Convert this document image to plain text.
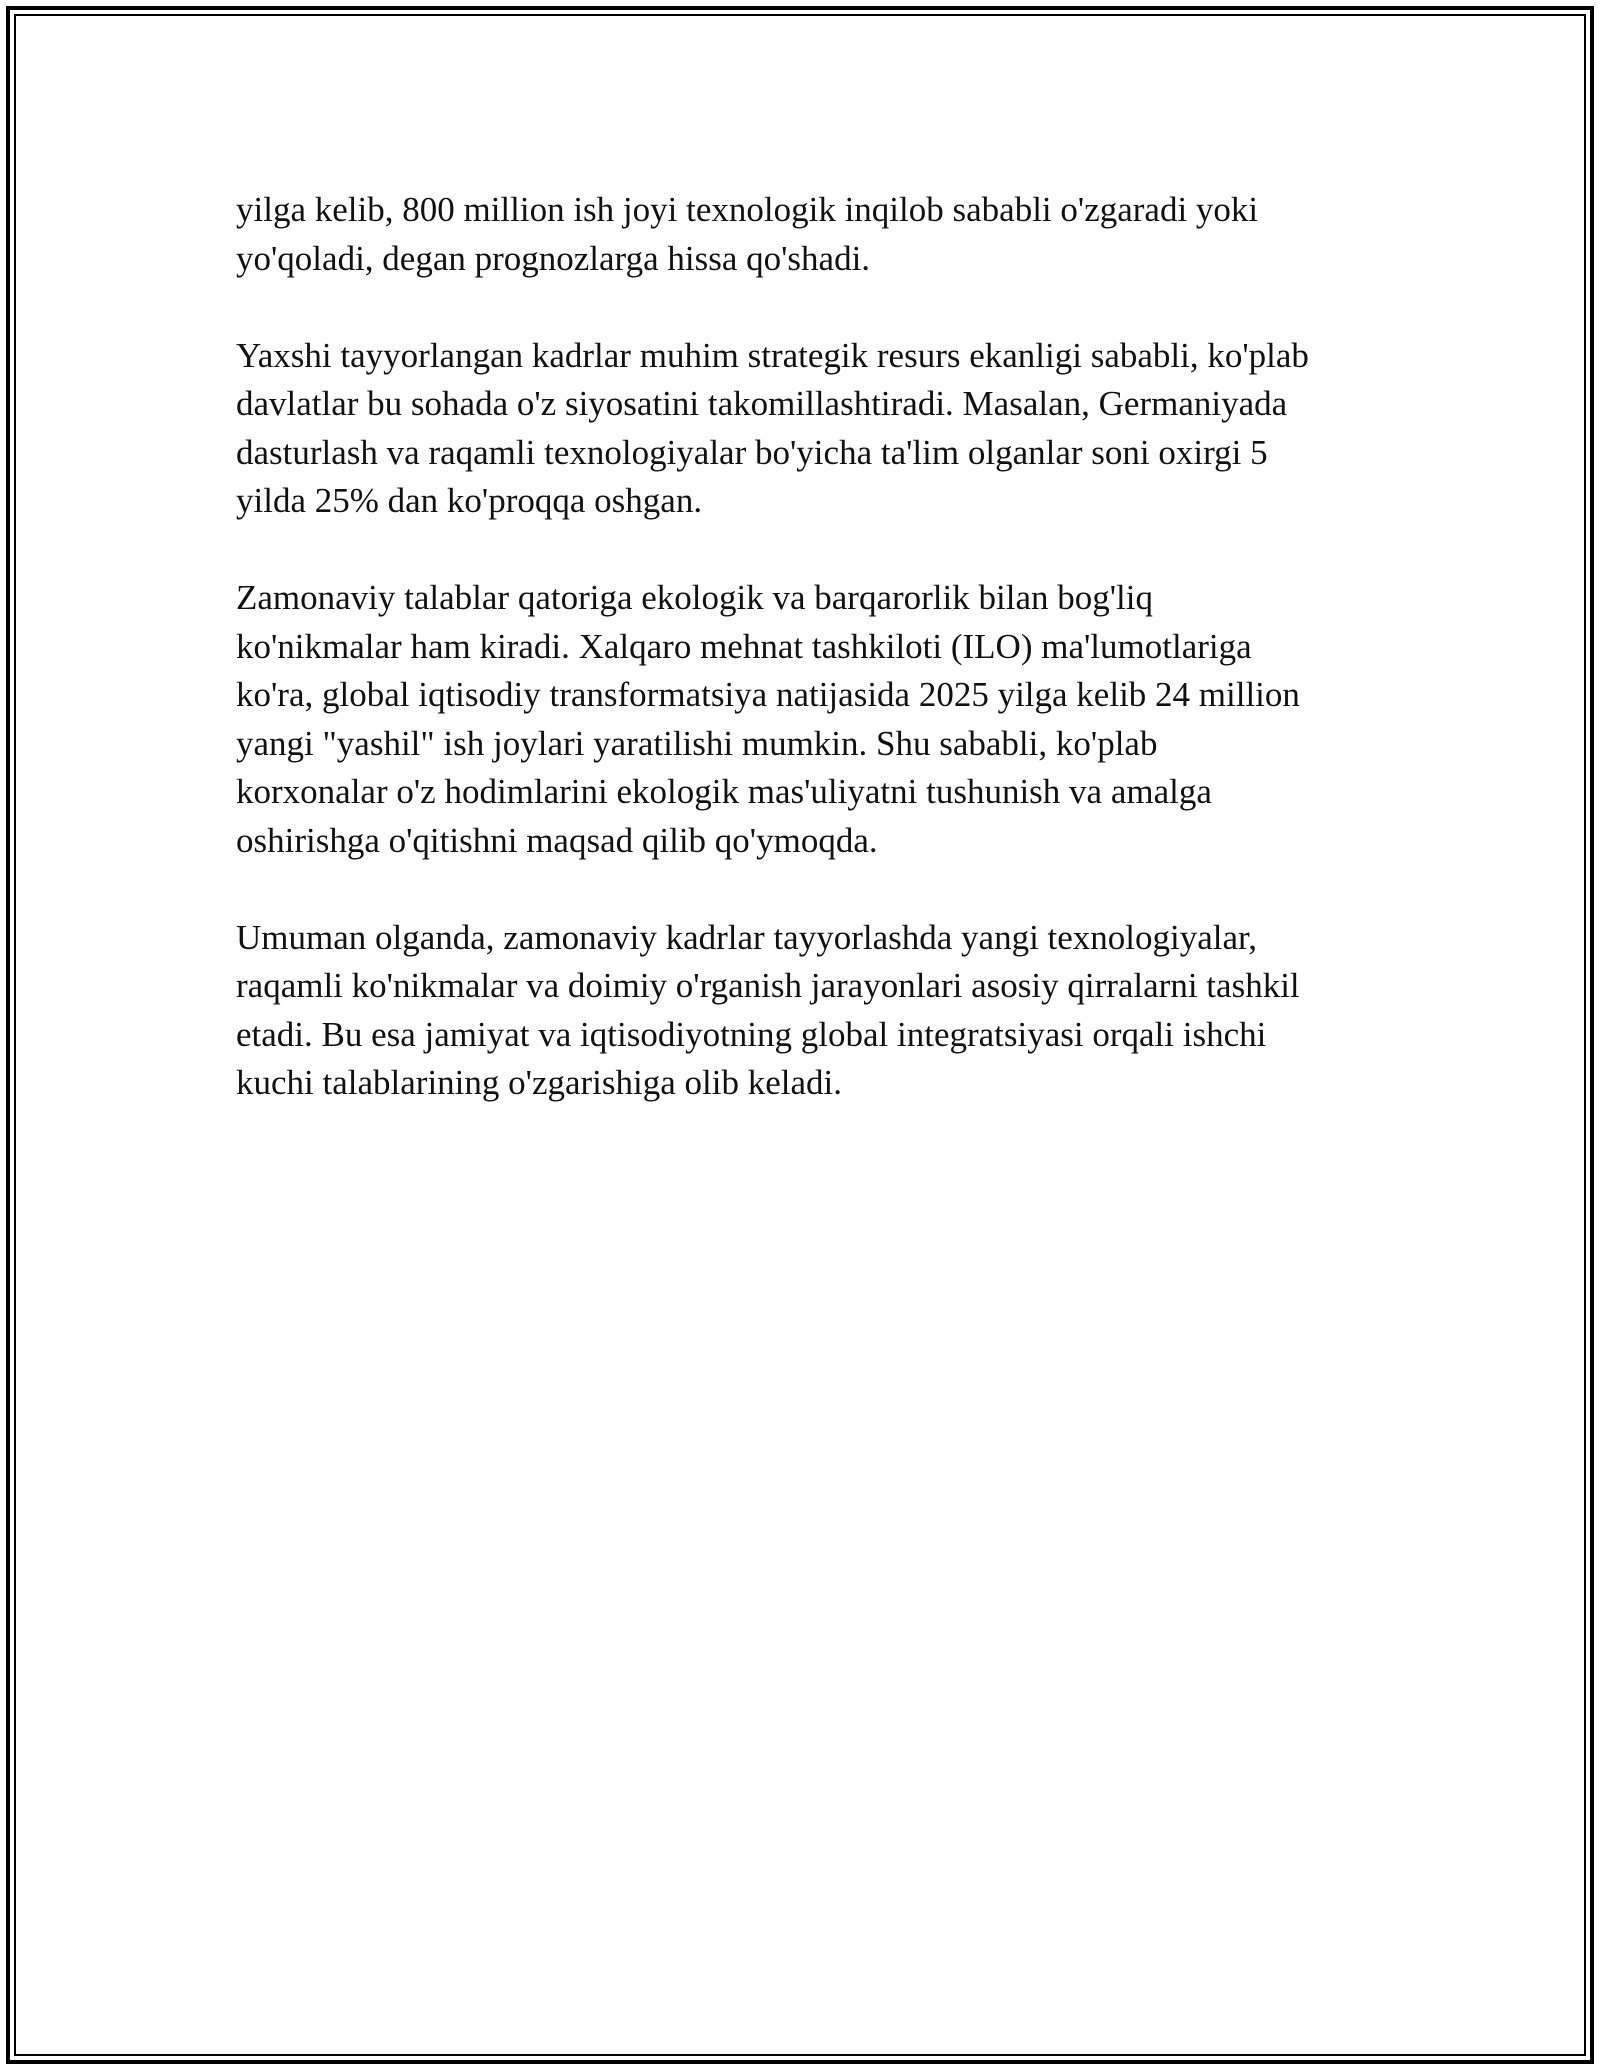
yilga kelib, 800 million ish joyi texnologik inqilob sababli o'zgaradi yoki
yo'qoladi, degan prognozlarga hissa qo'shadi.

Yaxshi tayyorlangan kadrlar muhim strategik resurs ekanligi sababli, ko'plab
davlatlar bu sohada o'z siyosatini takomillashtiradi. Masalan, Germaniyada
dasturlash va raqamli texnologiyalar bo'yicha ta'lim olganlar soni oxirgi 5
yilda 25% dan ko'proqqa oshgan.

Zamonaviy talablar qatoriga ekologik va barqarorlik bilan bog'liq
ko'nikmalar ham kiradi. Xalqaro mehnat tashkiloti (ILO) ma'lumotlariga
ko'ra, global iqtisodiy transformatsiya natijasida 2025 yilga kelib 24 million
yangi "yashil" ish joylari yaratilishi mumkin. Shu sababli, ko'plab
korxonalar o'z hodimlarini ekologik mas'uliyatni tushunish va amalga
oshirishga o'qitishni maqsad qilib qo'ymoqda.

Umuman olganda, zamonaviy kadrlar tayyorlashda yangi texnologiyalar,
raqamli ko'nikmalar va doimiy o'rganish jarayonlari asosiy qirralarni tashkil
etadi. Bu esa jamiyat va iqtisodiyotning global integratsiyasi orqali ishchi
kuchi talablarining o'zgarishiga olib keladi.
